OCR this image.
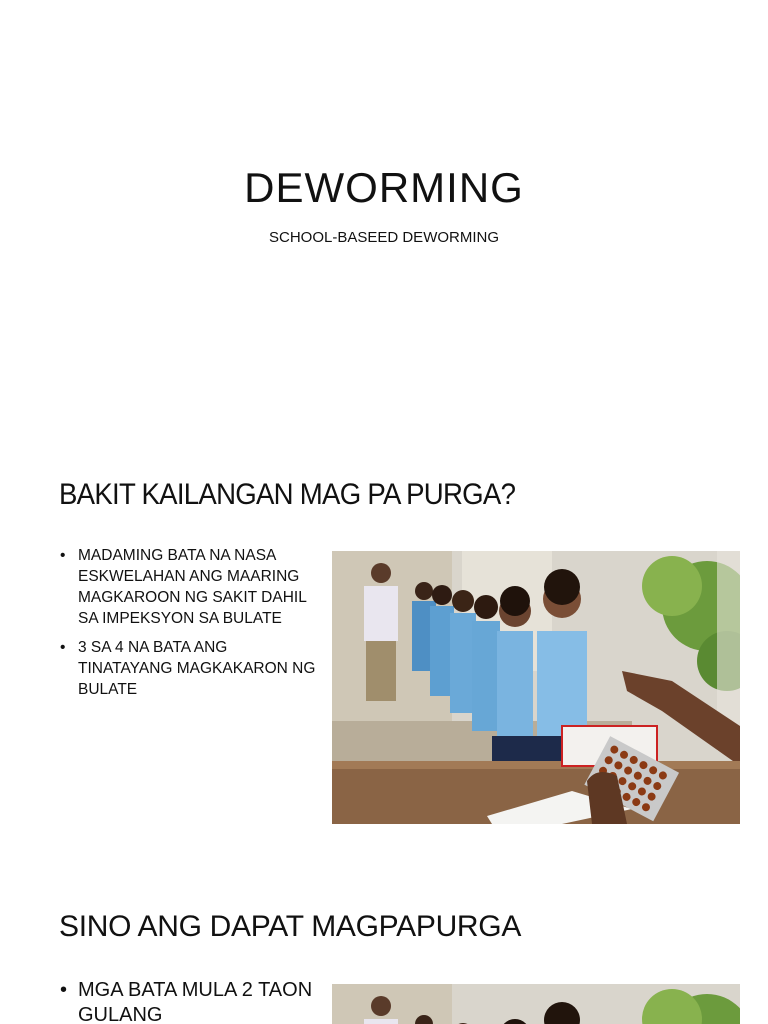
DEWORMING
SCHOOL-BASEED DEWORMING
BAKIT KAILANGAN MAG PA PURGA?
• MADAMING BATA NA NASA ESKWELAHAN ANG MAARING MAGKAROON NG SAKIT DAHIL SA IMPEKSYON SA BULATE
• 3 SA 4 NA BATA ANG TINATAYANG MAGKAKARON NG BULATE
SINO ANG DAPAT MAGPAPURGA
• MGA BATA MULA 2 TAON GULANG
